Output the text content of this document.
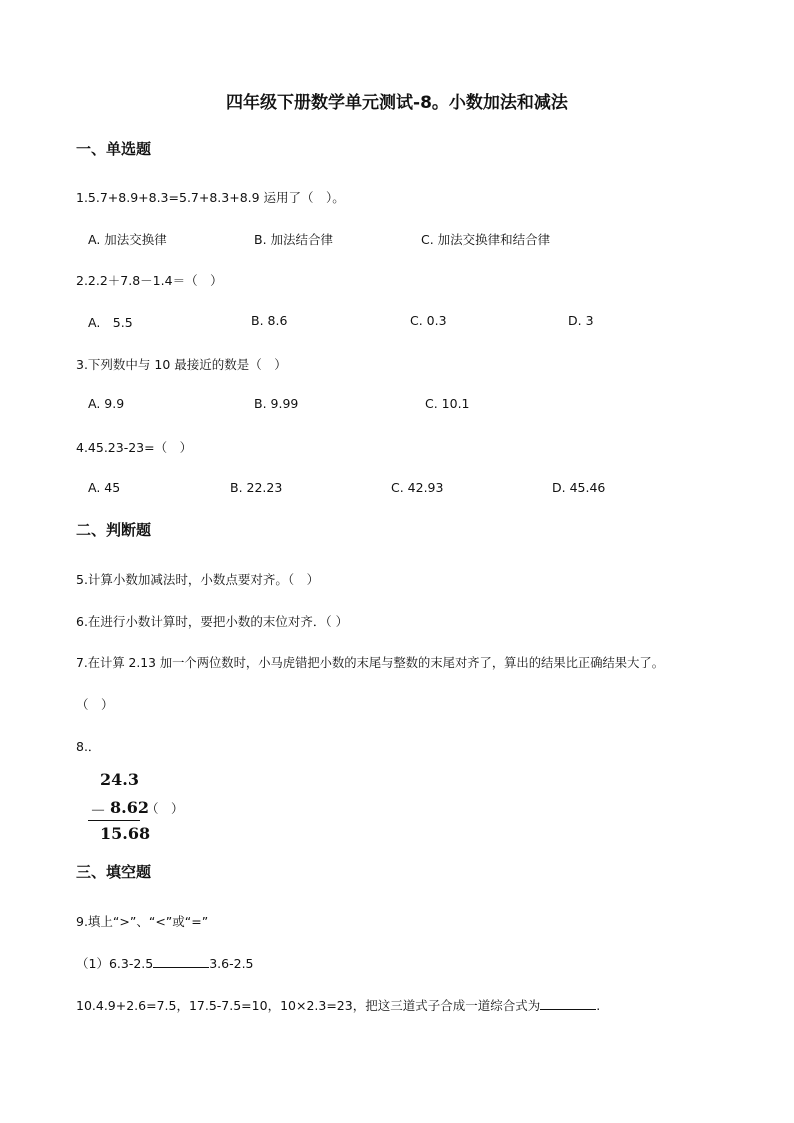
四年级下册数学单元测试-8。小数加法和减法
一、单选题
1.5.7+8.9+8.3=5.7+8.3+8.9 运用了（　）。
A. 加法交换律	B. 加法结合律	C. 加法交换律和结合律
2.2.2＋7.8－1.4＝（　）
A.　5.5	B. 8.6	C. 0.3	D. 3
3.下列数中与 10 最接近的数是（　）
A. 9.9	B. 9.99	C. 10.1
4.45.23-23=（　）
A. 45	B. 22.23	C. 42.93	D. 45.46
二、判断题
5.计算小数加减法时，小数点要对齐。（　）
6.在进行小数计算时，要把小数的末位对齐．（ ）
7.在计算 2.13 加一个两位数时，小马虎错把小数的末尾与整数的末尾对齐了，算出的结果比正确结果大了。
（　）
8.．
24.3
－ 8.62
15.68
（　）
三、填空题
9.填上“>”、“<”或“=”
（1）6.3-2.5	3.6-2.5
10.4.9+2.6=7.5，17.5-7.5=10，10×2.3=23，把这三道式子合成一道综合式为	.
